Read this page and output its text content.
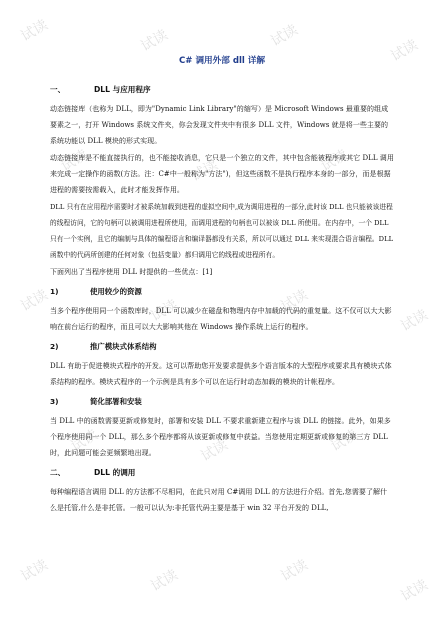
试读	试读	试读
试读
试读	试读	试读
试读	试读	试读
试读
试读	试读	试读
试读	试读	试读
试读
C# 调用外部 dll 详解
一、	DLL 与应用程序

动态链接库（也称为 DLL，即为"Dynamic Link Library"的缩写）是 Microsoft Windows 最重要的组成要素之一，打开 Windows 系统文件夹，你会发现文件夹中有很多 DLL 文件，Windows 就是将一些主要的系统功能以 DLL 模块的形式实现。

动态链接库是不能直接执行的，也不能接收消息，它只是一个独立的文件，其中包含能被程序或其它 DLL 调用来完成一定操作的函数(方法。注：C#中一般称为"方法")，但这些函数不是执行程序本身的一部分，而是根据进程的需要按需载入，此时才能发挥作用。

DLL 只有在应用程序需要时才被系统加载到进程的虚拟空间中,成为调用进程的一部分,此时该 DLL 也只能被该进程的线程访问，它的句柄可以被调用进程所使用，而调用进程的句柄也可以被该 DLL 所使用。在内存中，一个 DLL 只有一个实例，且它的编制与具体的编程语言和编译器都没有关系，所以可以通过 DLL 来实现混合语言编程。DLL 函数中的代码所创建的任何对象（包括变量）都归调用它的线程或进程所有。

下面列出了当程序使用 DLL 时提供的一些优点：[1]

1)	使用较少的资源

当多个程序使用同一个函数库时，DLL 可以减少在磁盘和物理内存中加载的代码的重复量。这不仅可以大大影响在前台运行的程序，而且可以大大影响其他在 Windows 操作系统上运行的程序。

2)	推广模块式体系结构

DLL 有助于促进模块式程序的开发。这可以帮助您开发要求提供多个语言版本的大型程序或要求具有模块式体系结构的程序。模块式程序的一个示例是具有多个可以在运行时动态加载的模块的计帐程序。

3)	简化部署和安装

当 DLL 中的函数需要更新或修复时，部署和安装 DLL 不要求重新建立程序与该 DLL 的链接。此外，如果多个程序使用同一个 DLL，那么多个程序都将从该更新或修复中获益。当您使用定期更新或修复的第三方 DLL 时，此问题可能会更频繁地出现。

二、	DLL 的调用

每种编程语言调用 DLL 的方法都不尽相同，在此只对用 C#调用 DLL 的方法进行介绍。首先,您需要了解什么是托管,什么是非托管。一般可以认为:非托管代码主要是基于 win 32 平台开发的 DLL,
